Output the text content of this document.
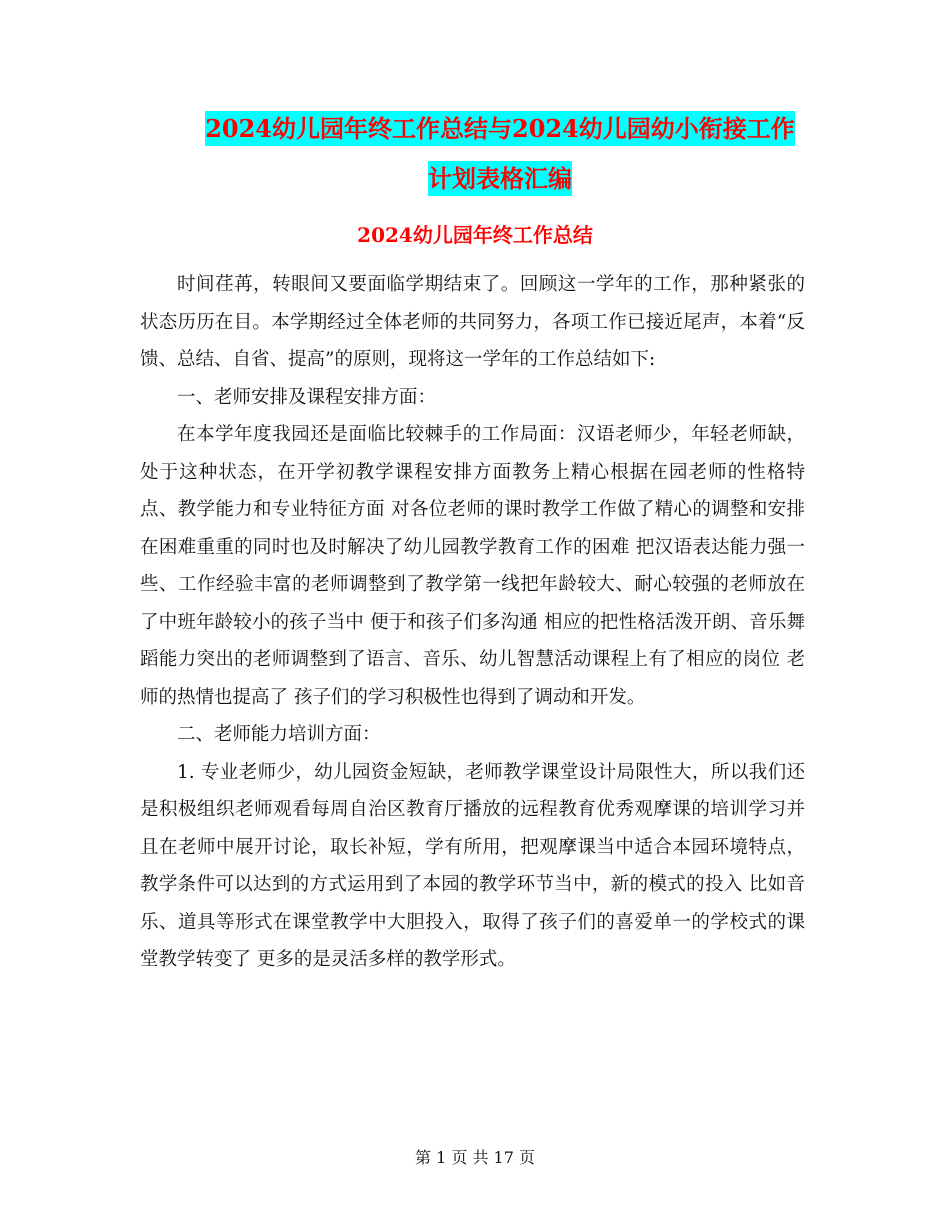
2024幼儿园年终工作总结与2024幼儿园幼小衔接工作
计划表格汇编
2024幼儿园年终工作总结

时间荏苒，转眼间又要面临学期结束了。回顾这一学年的工作，那种紧张的状态历历在目。本学期经过全体老师的共同努力，各项工作已接近尾声，本着“反馈、总结、自省、提高”的原则，现将这一学年的工作总结如下:

一、老师安排及课程安排方面：

在本学年度我园还是面临比较棘手的工作局面：汉语老师少，年轻老师缺，处于这种状态，在开学初教学课程安排方面教务上精心根据在园老师的性格特点、教学能力和专业特征方面 对各位老师的课时教学工作做了精心的调整和安排 在困难重重的同时也及时解决了幼儿园教学教育工作的困难 把汉语表达能力强一些、工作经验丰富的老师调整到了教学第一线把年龄较大、耐心较强的老师放在了中班年龄较小的孩子当中 便于和孩子们多沟通 相应的把性格活泼开朗、音乐舞蹈能力突出的老师调整到了语言、音乐、幼儿智慧活动课程上有了相应的岗位 老师的热情也提高了 孩子们的学习积极性也得到了调动和开发。

二、老师能力培训方面：

1. 专业老师少，幼儿园资金短缺，老师教学课堂设计局限性大，所以我们还是积极组织老师观看每周自治区教育厅播放的远程教育优秀观摩课的培训学习并且在老师中展开讨论，取长补短，学有所用，把观摩课当中适合本园环境特点，教学条件可以达到的方式运用到了本园的教学环节当中，新的模式的投入 比如音乐、道具等形式在课堂教学中大胆投入，取得了孩子们的喜爱单一的学校式的课堂教学转变了 更多的是灵活多样的教学形式。

第 1 页 共 17 页
